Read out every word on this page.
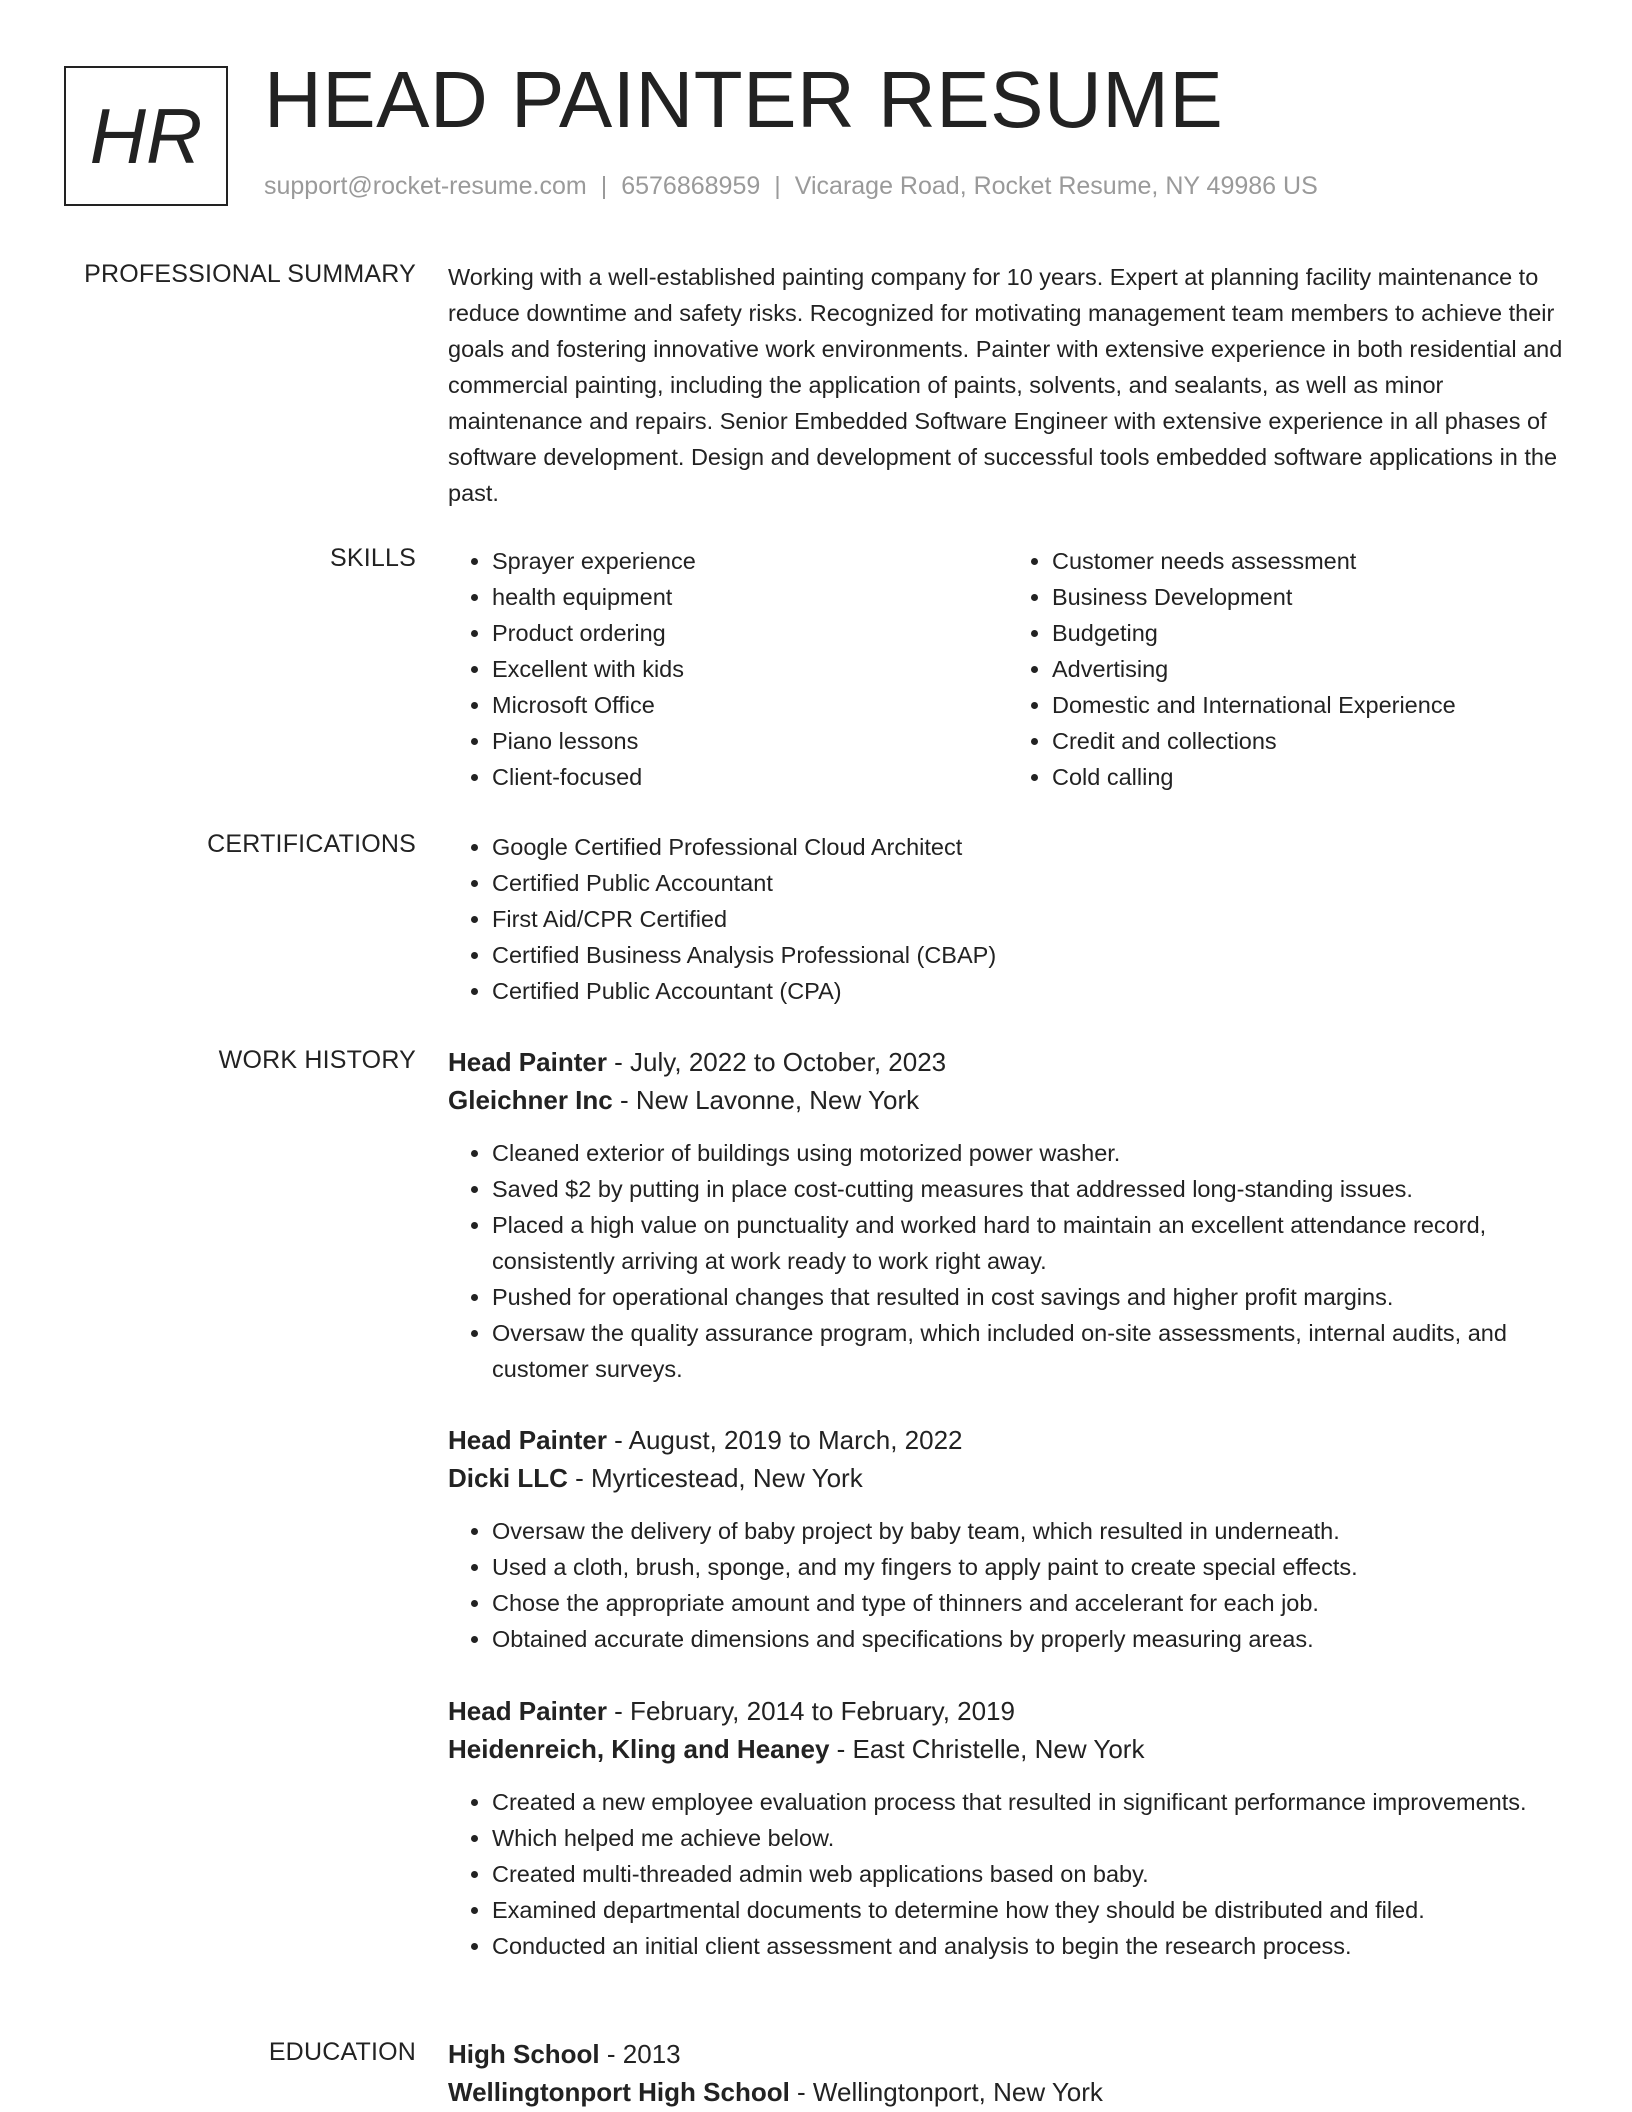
HR HEAD PAINTER RESUME
support@rocket-resume.com | 6576868959 | Vicarage Road, Rocket Resume, NY 49986 US
PROFESSIONAL SUMMARY Working with a well-established painting company for 10 years. Expert at planning facility maintenance to reduce downtime and safety risks. Recognized for motivating management team members to achieve their goals and fostering innovative work environments. Painter with extensive experience in both residential and commercial painting, including the application of paints, solvents, and sealants, as well as minor maintenance and repairs. Senior Embedded Software Engineer with extensive experience in all phases of software development. Design and development of successful tools embedded software applications in the past.
SKILLS	• Sprayer experience
• health equipment
• Product ordering
• Excellent with kids
• Microsoft Office
• Piano lessons
• Client-focused
• Customer needs assessment
• Business Development
• Budgeting
• Advertising
• Domestic and International Experience
• Credit and collections
• Cold calling
CERTIFICATIONS	• Google Certified Professional Cloud Architect
• Certified Public Accountant
• First Aid/CPR Certified
• Certified Business Analysis Professional (CBAP)
• Certified Public Accountant (CPA)
WORK HISTORY Head Painter - July, 2022 to October, 2023
Gleichner Inc - New Lavonne, New York
• Cleaned exterior of buildings using motorized power washer.
• Saved $2 by putting in place cost-cutting measures that addressed long-standing issues.
• Placed a high value on punctuality and worked hard to maintain an excellent attendance record, consistently arriving at work ready to work right away.
• Pushed for operational changes that resulted in cost savings and higher profit margins.
• Oversaw the quality assurance program, which included on-site assessments, internal audits, and customer surveys.
Head Painter - August, 2019 to March, 2022
Dicki LLC - Myrticestead, New York
• Oversaw the delivery of baby project by baby team, which resulted in underneath.
• Used a cloth, brush, sponge, and my fingers to apply paint to create special effects.
• Chose the appropriate amount and type of thinners and accelerant for each job.
• Obtained accurate dimensions and specifications by properly measuring areas.
Head Painter - February, 2014 to February, 2019
Heidenreich, Kling and Heaney - East Christelle, New York
• Created a new employee evaluation process that resulted in significant performance improvements.
• Which helped me achieve below.
• Created multi-threaded admin web applications based on baby.
• Examined departmental documents to determine how they should be distributed and filed.
• Conducted an initial client assessment and analysis to begin the research process.
EDUCATION High School - 2013
Wellingtonport High School - Wellingtonport, New York
